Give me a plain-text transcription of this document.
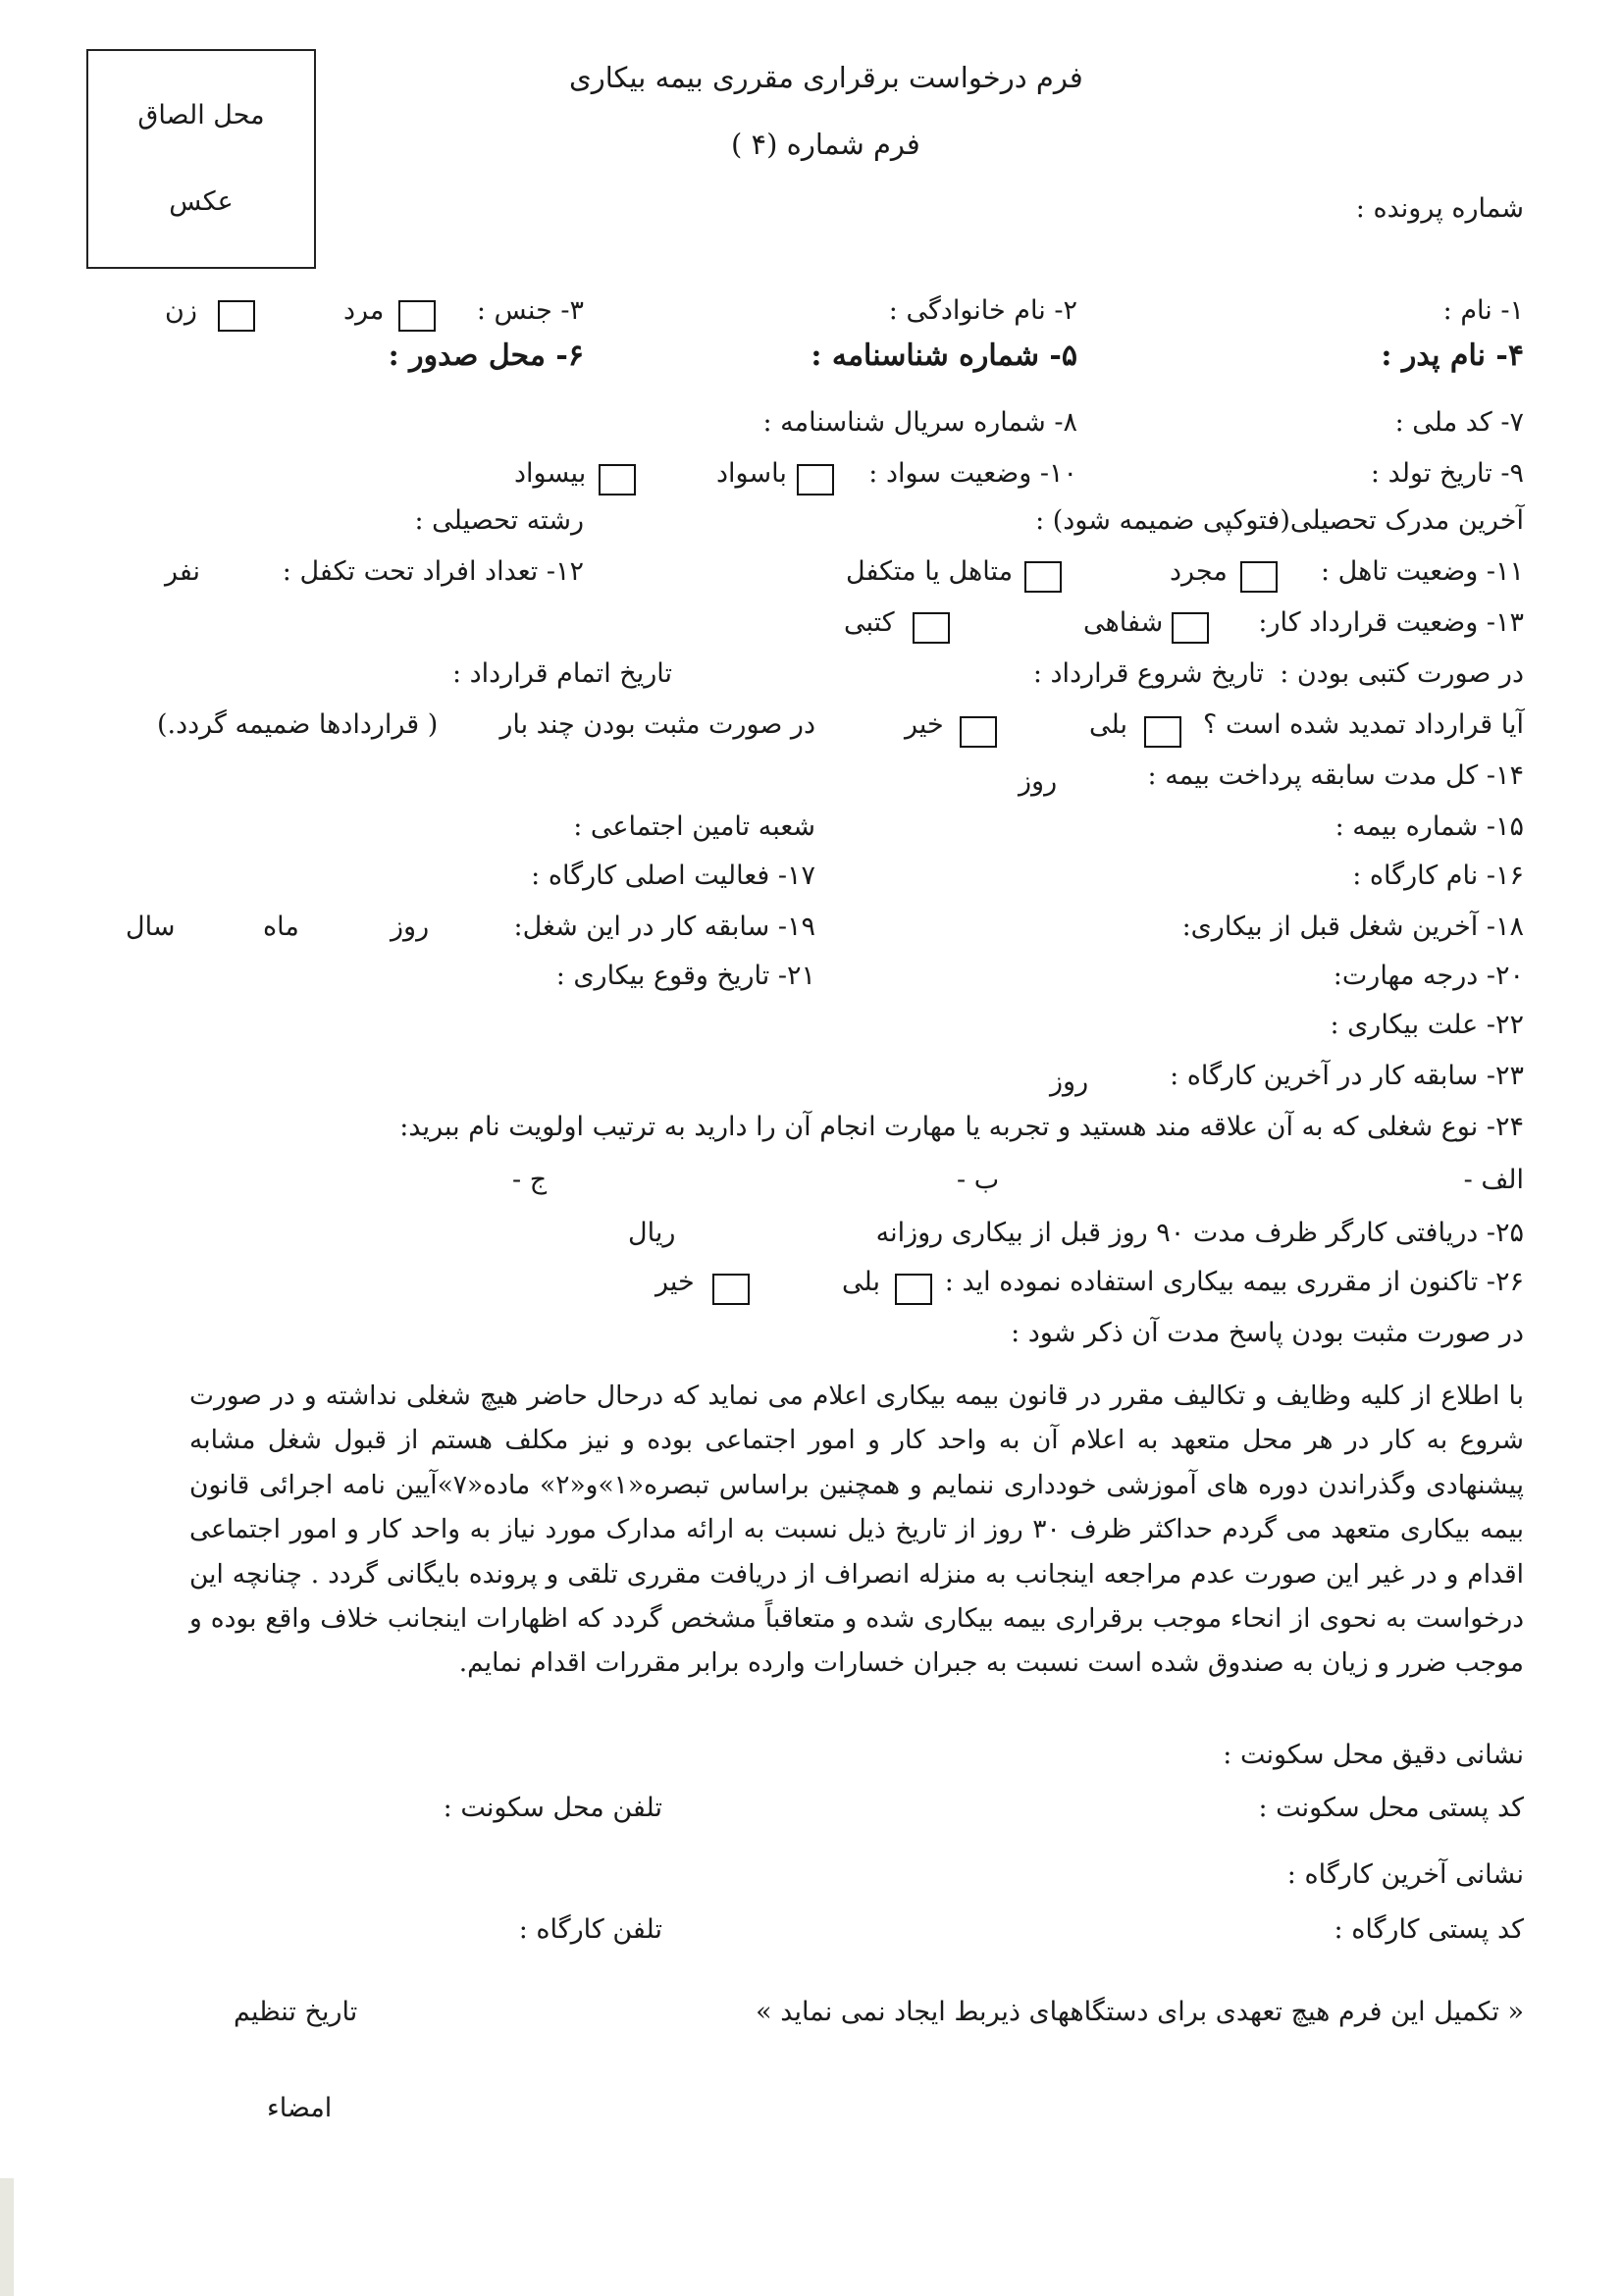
محل الصاق
عکس
فرم درخواست برقراری مقرری بیمه بیکاری
فرم شماره (۴ )
شماره پرونده :
۱- نام :
۲- نام خانوادگی :
۳- جنس :
مرد
زن
۴- نام پدر :
۵- شماره شناسنامه :
۶- محل صدور :
۷- کد ملی :
۸- شماره سریال شناسنامه :
۹- تاریخ تولد :
۱۰- وضعیت سواد :
باسواد
بیسواد
آخرین مدرک تحصیلی(فتوکپی ضمیمه شود) :
رشته تحصیلی :
۱۱- وضعیت تاهل :
مجرد
متاهل یا متکفل
۱۲- تعداد افراد تحت تکفل :
نفر
۱۳- وضعیت قرارداد کار:
شفاهی
کتبی
در صورت کتبی بودن :
تاریخ شروع قرارداد :
تاریخ اتمام قرارداد :
آیا قرارداد تمدید شده است ؟
بلی
خیر
در صورت مثبت بودن چند بار
( قراردادها ضمیمه گردد.)
۱۴- کل مدت سابقه پرداخت بیمه :
روز
۱۵- شماره بیمه :
شعبه تامین اجتماعی :
۱۶- نام کارگاه :
۱۷- فعالیت اصلی کارگاه :
۱۸- آخرین شغل قبل از بیکاری:
۱۹- سابقه کار در این شغل:
روز
ماه
سال
۲۰- درجه مهارت:
۲۱- تاریخ وقوع بیکاری :
۲۲- علت بیکاری :
۲۳- سابقه کار در آخرین کارگاه :
روز
۲۴- نوع شغلی که به آن علاقه مند هستید و تجربه یا مهارت انجام آن را دارید به ترتیب اولویت نام ببرید:
الف -
ب -
ج -
۲۵- دریافتی کارگر ظرف مدت ۹۰ روز قبل از بیکاری روزانه
ریال
۲۶- تاکنون از مقرری بیمه بیکاری استفاده نموده اید :
بلی
خیر
در صورت مثبت بودن پاسخ مدت آن ذکر شود :
با اطلاع از کلیه وظایف و تکالیف مقرر در قانون بیمه بیکاری اعلام می نماید که درحال حاضر هیچ شغلی نداشته و در صورت شروع به کار در هر محل متعهد به اعلام آن به واحد کار و امور اجتماعی بوده و نیز مکلف هستم از قبول شغل مشابه پیشنهادی وگذراندن دوره های آموزشی خودداری ننمایم و همچنین براساس تبصره«۱»و«۲» ماده«۷»آیین نامه اجرائی قانون بیمه بیکاری متعهد می گردم حداکثر ظرف ۳۰ روز از تاریخ ذیل نسبت به ارائه مدارک مورد نیاز به واحد کار و امور اجتماعی اقدام و در غیر این صورت عدم مراجعه اینجانب به منزله انصراف از دریافت مقرری تلقی و پرونده بایگانی گردد . چنانچه این درخواست به نحوی از انحاء موجب برقراری بیمه بیکاری شده و متعاقباً مشخص گردد که اظهارات اینجانب خلاف واقع بوده و موجب ضرر و زیان به صندوق شده است نسبت به جبران خسارات وارده برابر مقررات اقدام نمایم.
نشانی دقیق محل سکونت :
کد پستی محل سکونت :
تلفن محل سکونت :
نشانی آخرین کارگاه :
کد پستی کارگاه :
تلفن کارگاه :
« تکمیل این فرم هیچ تعهدی برای دستگاههای ذیربط ایجاد نمی نماید »
تاریخ تنظیم
امضاء
